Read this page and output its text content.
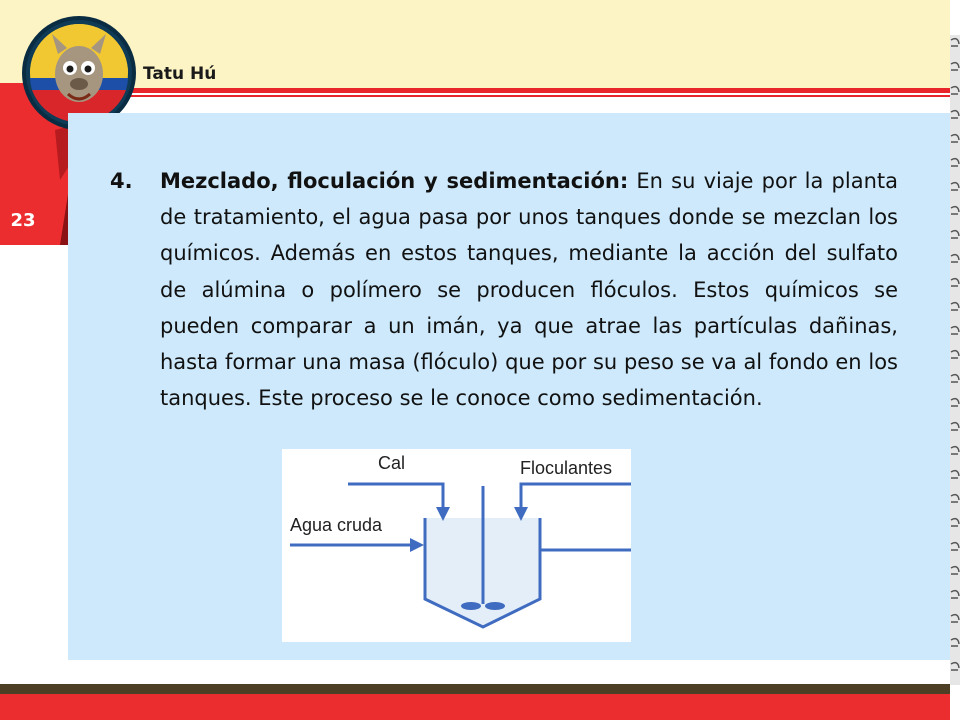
23
Tatu Hú
4. Mezclado, floculación y sedimentación: En su viaje por la planta de tratamiento, el agua pasa por unos tanques donde se mezclan los químicos. Además en estos tanques, mediante la acción del sulfato de alúmina o polímero se producen flóculos. Estos químicos se pueden comparar a un imán, ya que atrae las partículas dañinas, hasta formar una masa (flóculo) que por su peso se va al fondo en los tanques. Este proceso se le conoce como sedimentación.

Cal	Floculantes
Agua cruda
